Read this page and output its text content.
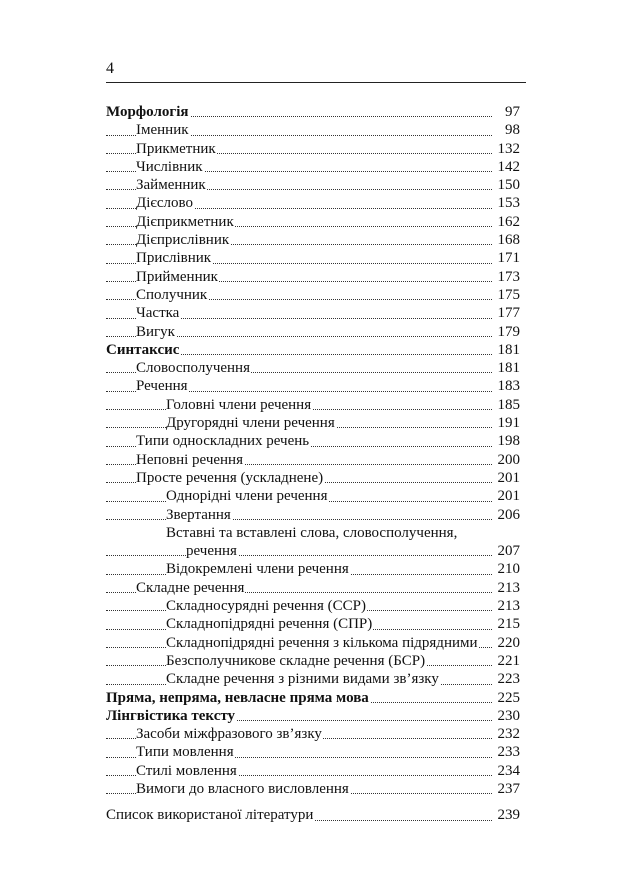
4
Морфологія	97
Іменник	98
Прикметник	132
Числівник	142
Займенник	150
Дієслово	153
Дієприкметник	162
Дієприслівник	168
Прислівник	171
Прийменник	173
Сполучник	175
Частка	177
Вигук	179
Синтаксис	181
Словосполучення	181
Речення	183
Головні члени речення	185
Другорядні члени речення	191
Типи односкладних речень	198
Неповні речення	200
Просте речення (ускладнене)	201
Однорідні члени речення	201
Звертання	206
Вставні та вставлені слова, словосполучення,
речення	207
Відокремлені члени речення	210
Складне речення	213
Складносурядні речення (ССР)	213
Складнопідрядні речення (СПР)	215
Складнопідрядні речення з кількома підрядними 220
Безсполучникове складне речення (БСР)	221
Складне речення з різними видами зв’язку	223
Пряма, непряма, невласне пряма мова	225
Лінгвістика тексту	230
Засоби міжфразового зв’язку	232
Типи мовлення	233
Стилі мовлення	234
Вимоги до власного висловлення	237
Список використаної літератури	239
